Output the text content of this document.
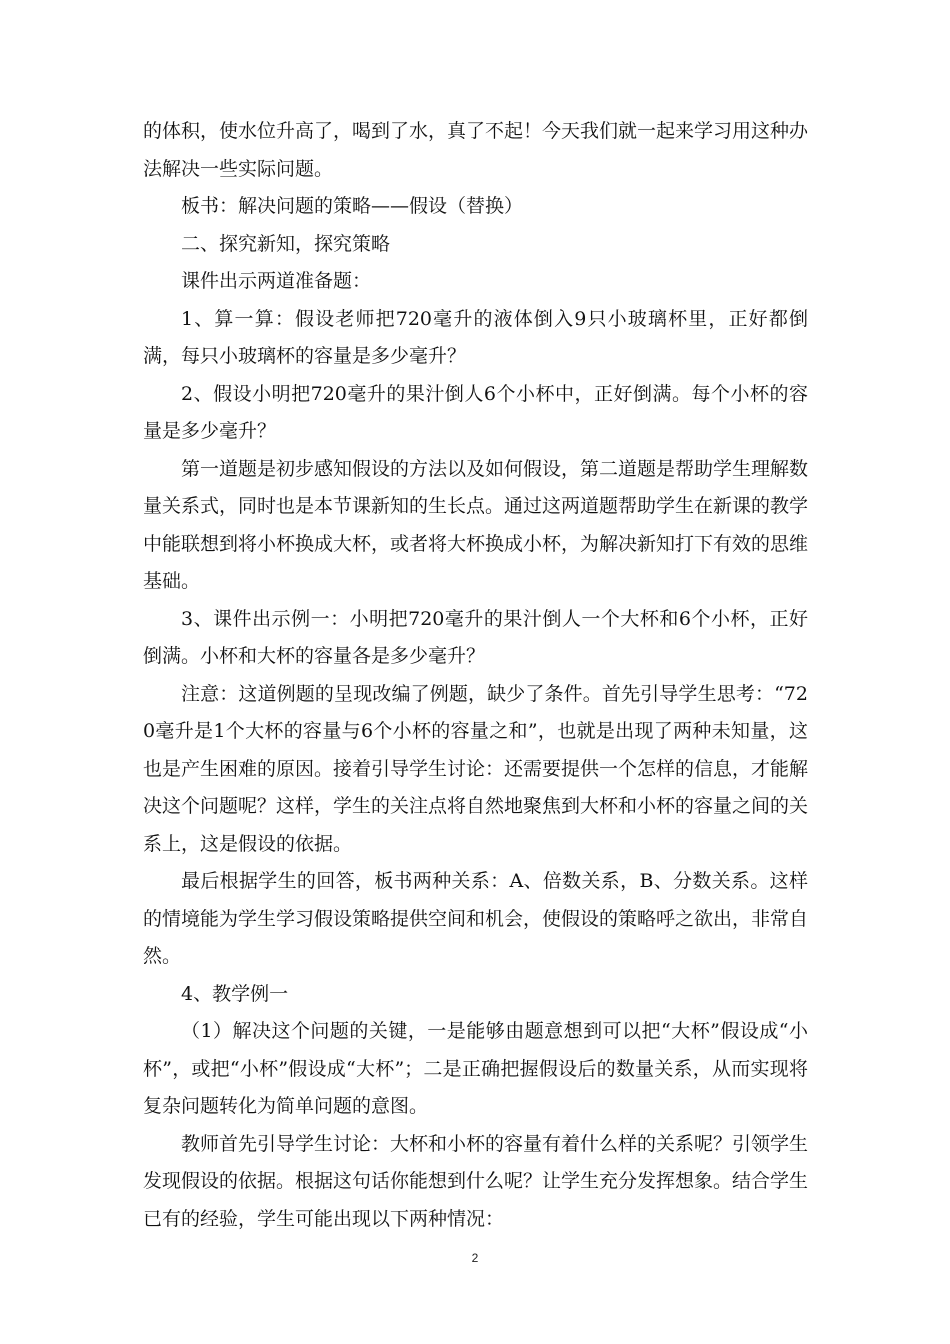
的体积，使水位升高了，喝到了水，真了不起！今天我们就一起来学习用这种办法解决一些实际问题。

板书：解决问题的策略——假设（替换）

二、探究新知，探究策略

课件出示两道准备题：

1、算一算：假设老师把720毫升的液体倒入9只小玻璃杯里，正好都倒满，每只小玻璃杯的容量是多少毫升？

2、假设小明把720毫升的果汁倒人6个小杯中，正好倒满。每个小杯的容量是多少毫升？

第一道题是初步感知假设的方法以及如何假设，第二道题是帮助学生理解数量关系式，同时也是本节课新知的生长点。通过这两道题帮助学生在新课的教学中能联想到将小杯换成大杯，或者将大杯换成小杯，为解决新知打下有效的思维基础。

3、课件出示例一：小明把720毫升的果汁倒人一个大杯和6个小杯，正好倒满。小杯和大杯的容量各是多少毫升？

注意：这道例题的呈现改编了例题，缺少了条件。首先引导学生思考：“720毫升是1个大杯的容量与6个小杯的容量之和”，也就是出现了两种未知量，这也是产生困难的原因。接着引导学生讨论：还需要提供一个怎样的信息，才能解决这个问题呢？这样，学生的关注点将自然地聚焦到大杯和小杯的容量之间的关系上，这是假设的依据。

最后根据学生的回答，板书两种关系：A、倍数关系，B、分数关系。这样的情境能为学生学习假设策略提供空间和机会，使假设的策略呼之欲出，非常自然。

4、教学例一

（1）解决这个问题的关键，一是能够由题意想到可以把“大杯”假设成“小杯”，或把“小杯”假设成“大杯”；二是正确把握假设后的数量关系，从而实现将复杂问题转化为简单问题的意图。

教师首先引导学生讨论：大杯和小杯的容量有着什么样的关系呢？引领学生发现假设的依据。根据这句话你能想到什么呢？让学生充分发挥想象。结合学生已有的经验，学生可能出现以下两种情况：

2
